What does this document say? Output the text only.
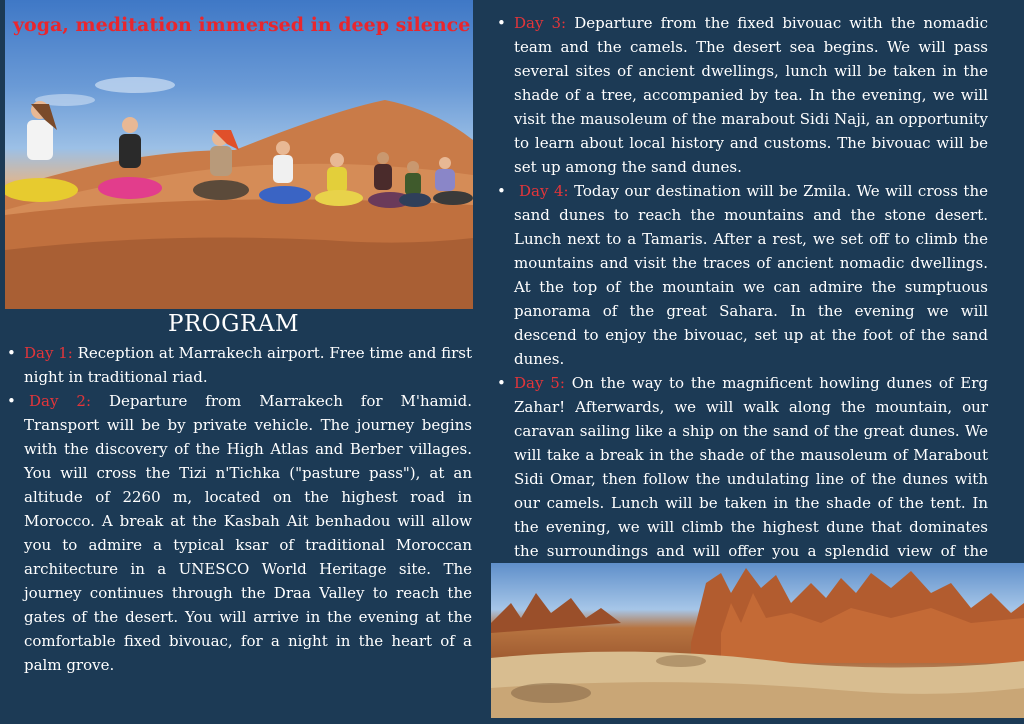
yoga, meditation immersed in deep silence
PROGRAM

• Day 1: Reception at Marrakech airport. Free time and first night in traditional riad.

• Day 2: Departure from Marrakech for M'hamid. Transport will be by private vehicle. The journey begins with the discovery of the High Atlas and Berber villages. You will cross the Tizi n'Tichka ("pasture pass"), at an altitude of 2260 m, located on the highest road in Morocco. A break at the Kasbah Ait benhadou will allow you to admire a typical ksar of traditional Moroccan architecture in a UNESCO World Heritage site. The journey continues through the Draa Valley to reach the gates of the desert. You will arrive in the evening at the comfortable fixed bivouac, for a night in the heart of a palm grove.

• Day 3: Departure from the fixed bivouac with the nomadic team and the camels. The desert sea begins. We will pass several sites of ancient dwellings, lunch will be taken in the shade of a tree, accompanied by tea. In the evening, we will visit the mausoleum of the marabout Sidi Naji, an opportunity to learn about local history and customs. The bivouac will be set up among the sand dunes.

• Day 4: Today our destination will be Zmila. We will cross the sand dunes to reach the mountains and the stone desert. Lunch next to a Tamaris. After a rest, we set off to climb the mountains and visit the traces of ancient nomadic dwellings. At the top of the mountain we can admire the sumptuous panorama of the great Sahara. In the evening we will descend to enjoy the bivouac, set up at the foot of the sand dunes.

• Day 5: On the way to the magnificent howling dunes of Erg Zahar! Afterwards, we will walk along the mountain, our caravan sailing like a ship on the sand of the great dunes. We will take a break in the shade of the mausoleum of Marabout Sidi Omar, then follow the undulating line of the dunes with our camels. Lunch will be taken in the shade of the tent. In the evening, we will climb the highest dune that dominates the surroundings and will offer you a splendid view of the
